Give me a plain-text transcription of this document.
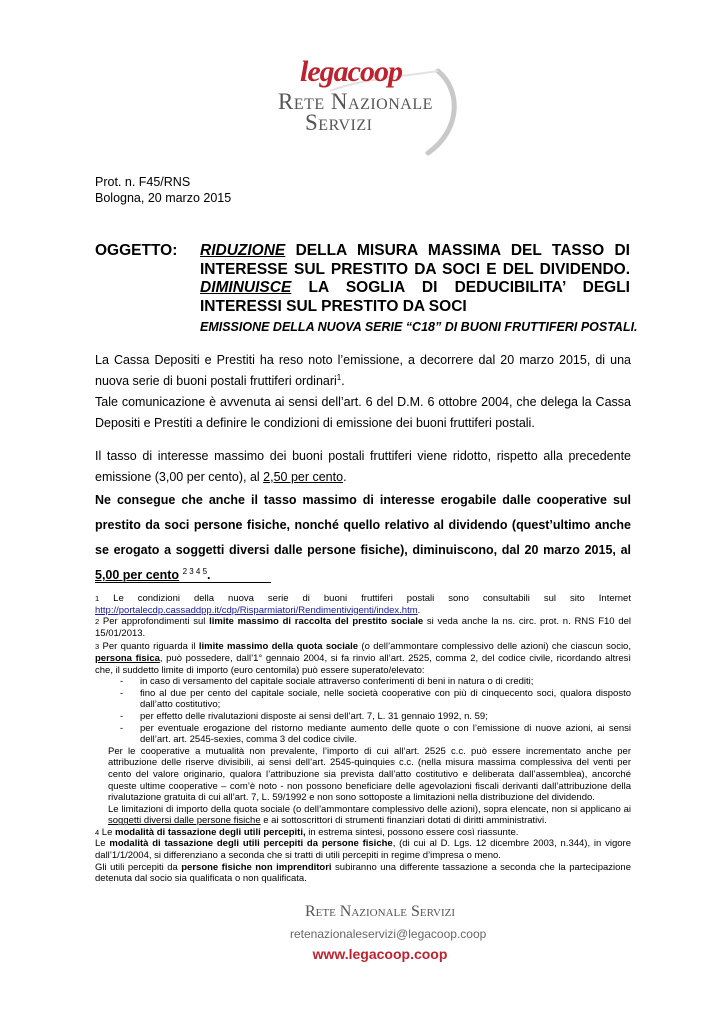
legacoop
Rete Nazionale
Servizi
Prot. n. F45/RNS
Bologna, 20 marzo 2015
OGGETTO: RIDUZIONE DELLA MISURA MASSIMA DEL TASSO DI INTERESSE SUL PRESTITO DA SOCI E DEL DIVIDENDO. DIMINUISCE LA SOGLIA DI DEDUCIBILITA’ DEGLI INTERESSI SUL PRESTITO DA SOCI
EMISSIONE DELLA NUOVA SERIE “C18” DI BUONI FRUTTIFERI POSTALI.
La Cassa Depositi e Prestiti ha reso noto l’emissione, a decorrere dal 20 marzo 2015, di una nuova serie di buoni postali fruttiferi ordinari$^1$.
Tale comunicazione è avvenuta ai sensi dell’art. 6 del D.M. 6 ottobre 2004, che delega la Cassa Depositi e Prestiti a definire le condizioni di emissione dei buoni fruttiferi postali.
Il tasso di interesse massimo dei buoni postali fruttiferi viene ridotto, rispetto alla precedente emissione (3,00 per cento), al 2,50 per cento.
Ne consegue che anche il tasso massimo di interesse erogabile dalle cooperative sul prestito da soci persone fisiche, nonché quello relativo al dividendo (quest’ultimo anche se erogato a soggetti diversi dalle persone fisiche), diminuiscono, dal 20 marzo 2015, al 5,00 per cento $^{2 3 4 5}$.
$^1$ Le condizioni della nuova serie di buoni fruttiferi postali sono consultabili sul sito Internet http://portalecdp.cassaddpp.it/cdp/Risparmiatori/Rendimentivigenti/index.htm.
$^2$ Per approfondimenti sul limite massimo di raccolta del prestito sociale si veda anche la ns. circ. prot. n. RNS F10 del 15/01/2013.
$^3$ Per quanto riguarda il limite massimo della quota sociale (o dell’ammontare complessivo delle azioni) che ciascun socio, persona fisica, può possedere, dall’1° gennaio 2004, si fa rinvio all’art. 2525, comma 2, del codice civile, ricordando altresì che, il suddetto limite di importo (euro centomila) può essere superato/elevato:
- in caso di versamento del capitale sociale attraverso conferimenti di beni in natura o di crediti;
- fino al due per cento del capitale sociale, nelle società cooperative con più di cinquecento soci, qualora disposto dall’atto costitutivo;
- per effetto delle rivalutazioni disposte ai sensi dell’art. 7, L. 31 gennaio 1992, n. 59;
- per eventuale erogazione del ristorno mediante aumento delle quote o con l’emissione di nuove azioni, ai sensi dell’art. art. 2545-sexies, comma 3 del codice civile.
Per le cooperative a mutualità non prevalente, l’importo di cui all’art. 2525 c.c. può essere incrementato anche per attribuzione delle riserve divisibili, ai sensi dell’art. 2545-quinquies c.c. (nella misura massima complessiva del venti per cento del valore originario, qualora l’attribuzione sia prevista dall’atto costitutivo e deliberata dall’assemblea), ancorché queste ultime cooperative – com’è noto - non possono beneficiare delle agevolazioni fiscali derivanti dall’attribuzione della rivalutazione gratuita di cui all’art. 7, L. 59/1992 e non sono sottoposte a limitazioni nella distribuzione del dividendo.
Le limitazioni di importo della quota sociale (o dell’ammontare complessivo delle azioni), sopra elencate, non si applicano ai soggetti diversi dalle persone fisiche e ai sottoscrittori di strumenti finanziari dotati di diritti amministrativi.
$^4$ Le modalità di tassazione degli utili percepiti, in estrema sintesi, possono essere così riassunte.
Le modalità di tassazione degli utili percepiti da persone fisiche, (di cui al D. Lgs. 12 dicembre 2003, n.344), in vigore dall’1/1/2004, si differenziano a seconda che si tratti di utili percepiti in regime d’impresa o meno.
Gli utili percepiti da persone fisiche non imprenditori subiranno una differente tassazione a seconda che la partecipazione detenuta dal socio sia qualificata o non qualificata.
Rete Nazionale Servizi
retenazionaleservizi@legacoop.coop
www.legacoop.coop
